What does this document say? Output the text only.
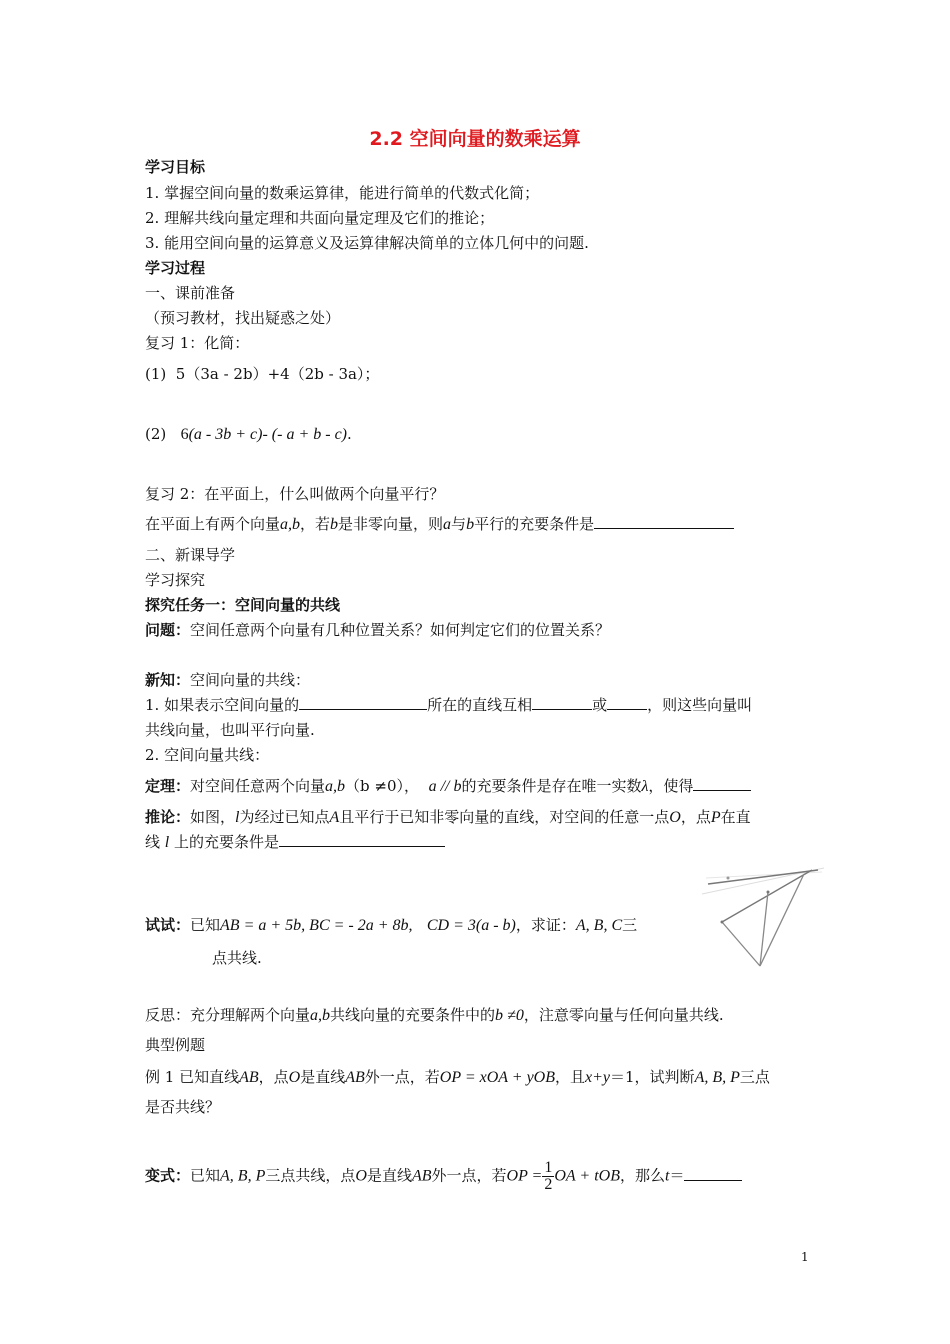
2.2 空间向量的数乘运算
学习目标
1. 掌握空间向量的数乘运算律，能进行简单的代数式化简；
2. 理解共线向量定理和共面向量定理及它们的推论；
3. 能用空间向量的运算意义及运算律解决简单的立体几何中的问题.
学习过程
一、课前准备
（预习教材，找出疑惑之处）
复习 1：化简：
(1) 5（3a - 2b）+4（2b - 3a）；
(2) 6(a - 3b + c)- (- a + b - c).
复习 2：在平面上，什么叫做两个向量平行？
在平面上有两个向量a,b，若b是非零向量，则a与b平行的充要条件是
二、新课导学
学习探究
探究任务一：空间向量的共线
问题：空间任意两个向量有几种位置关系？如何判定它们的位置关系？
新知：空间向量的共线：
1. 如果表示空间向量的	所在的直线互相	或	，则这些向量叫
共线向量，也叫平行向量.
2. 空间向量共线：
定理：对空间任意两个向量a,b（b ≠0）， a // b的充要条件是存在唯一实数λ，使得
推论：如图，l为经过已知点A且平行于已知非零向量的直线，对空间的任意一点O，点P在直
线 l 上的充要条件是
试试：已知AB = a + 5b, BC = - 2a + 8b, CD = 3(a - b)，求证：A, B, C三
点共线.
反思：充分理解两个向量a,b共线向量的充要条件中的b ≠0，注意零向量与任何向量共线.
典型例题
例 1 已知直线AB，点O是直线AB外一点，若OP = xOA + yOB，且x+y＝1，试判断A, B, P三点
是否共线？
变式：已知A, B, P三点共线，点O是直线AB外一点，若OP = $\frac{1}{2}$ OA + tOB，那么t＝
1
